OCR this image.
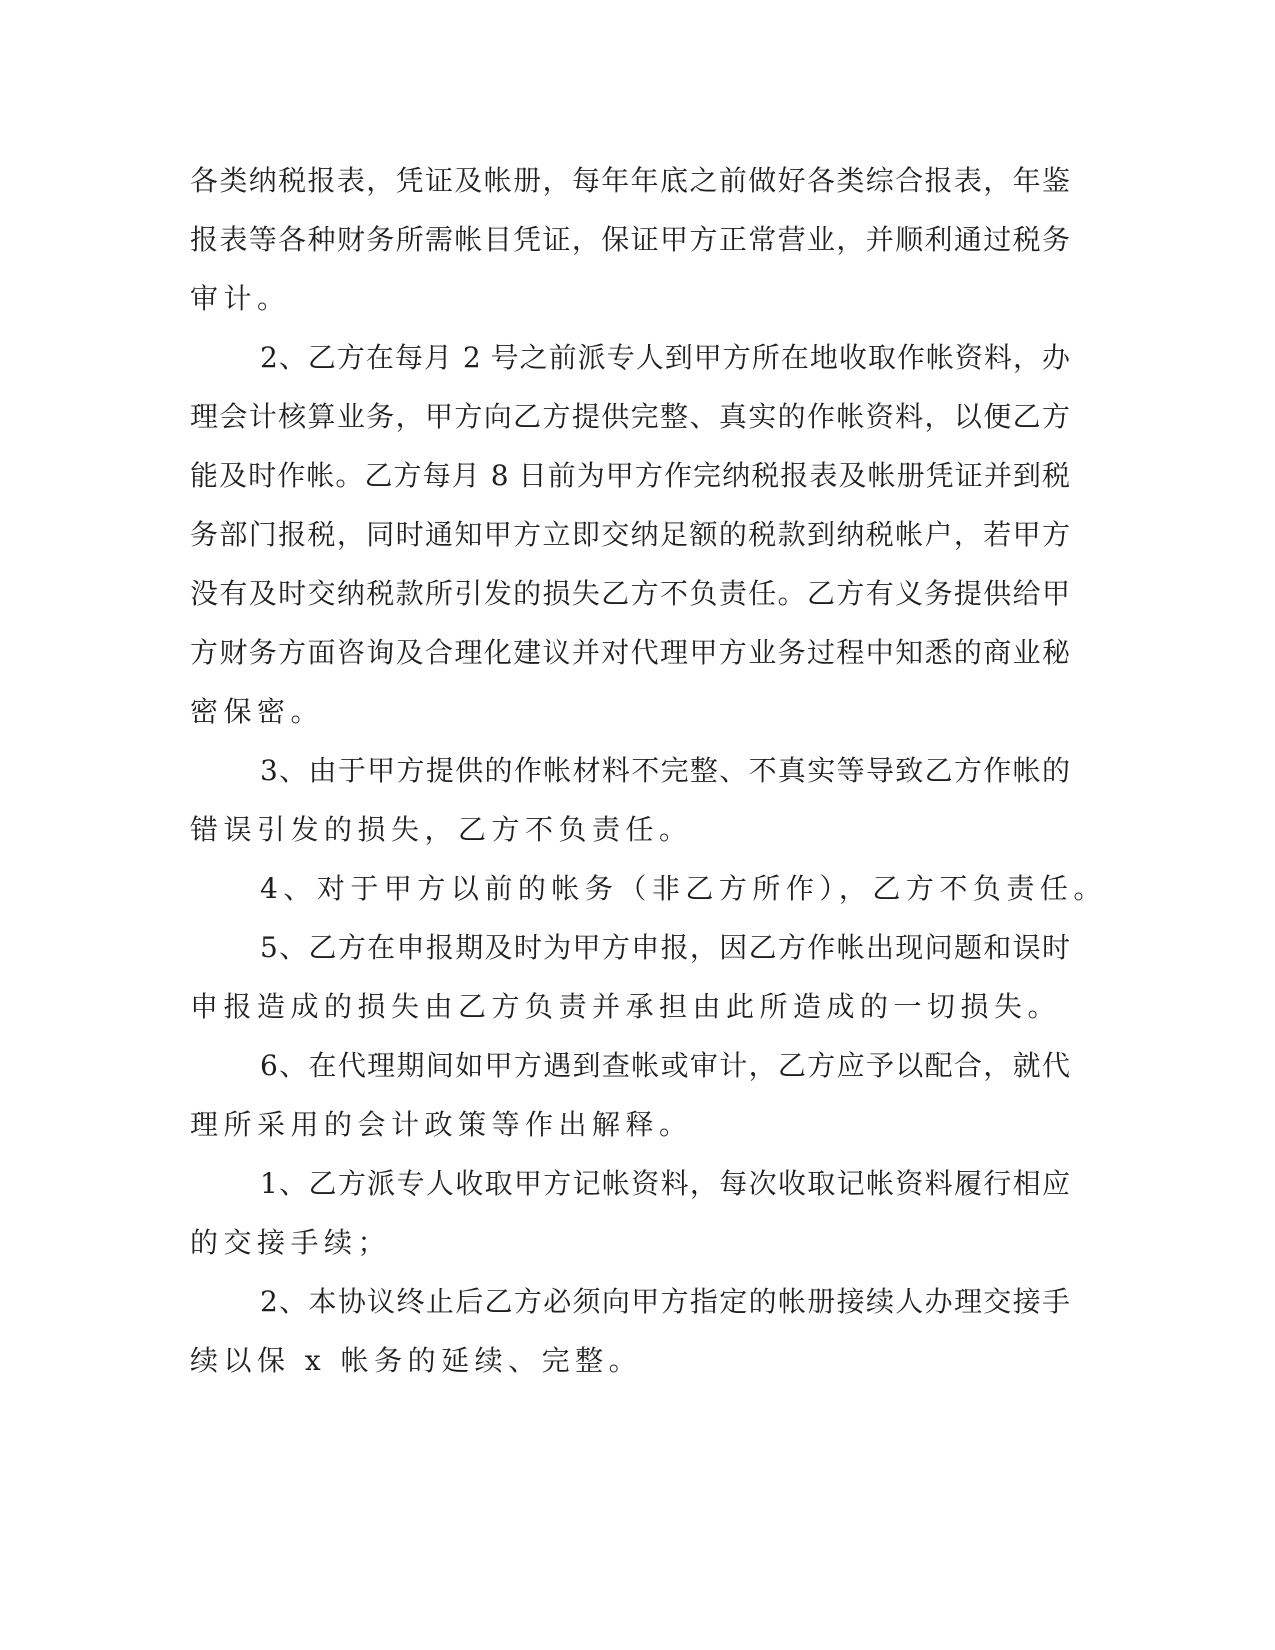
各类纳税报表，凭证及帐册，每年年底之前做好各类综合报表，年鉴
报表等各种财务所需帐目凭证，保证甲方正常营业，并顺利通过税务
审计。
2、乙方在每月 2 号之前派专人到甲方所在地收取作帐资料，办
理会计核算业务，甲方向乙方提供完整、真实的作帐资料，以便乙方
能及时作帐。乙方每月 8 日前为甲方作完纳税报表及帐册凭证并到税
务部门报税，同时通知甲方立即交纳足额的税款到纳税帐户，若甲方
没有及时交纳税款所引发的损失乙方不负责任。乙方有义务提供给甲
方财务方面咨询及合理化建议并对代理甲方业务过程中知悉的商业秘
密保密。
3、由于甲方提供的作帐材料不完整、不真实等导致乙方作帐的
错误引发的损失，乙方不负责任。
4、对于甲方以前的帐务（非乙方所作），乙方不负责任。
5、乙方在申报期及时为甲方申报，因乙方作帐出现问题和误时
申报造成的损失由乙方负责并承担由此所造成的一切损失。
6、在代理期间如甲方遇到查帐或审计，乙方应予以配合，就代
理所采用的会计政策等作出解释。
1、乙方派专人收取甲方记帐资料，每次收取记帐资料履行相应
的交接手续；
2、本协议终止后乙方必须向甲方指定的帐册接续人办理交接手
续以保 x 帐务的延续、完整。
